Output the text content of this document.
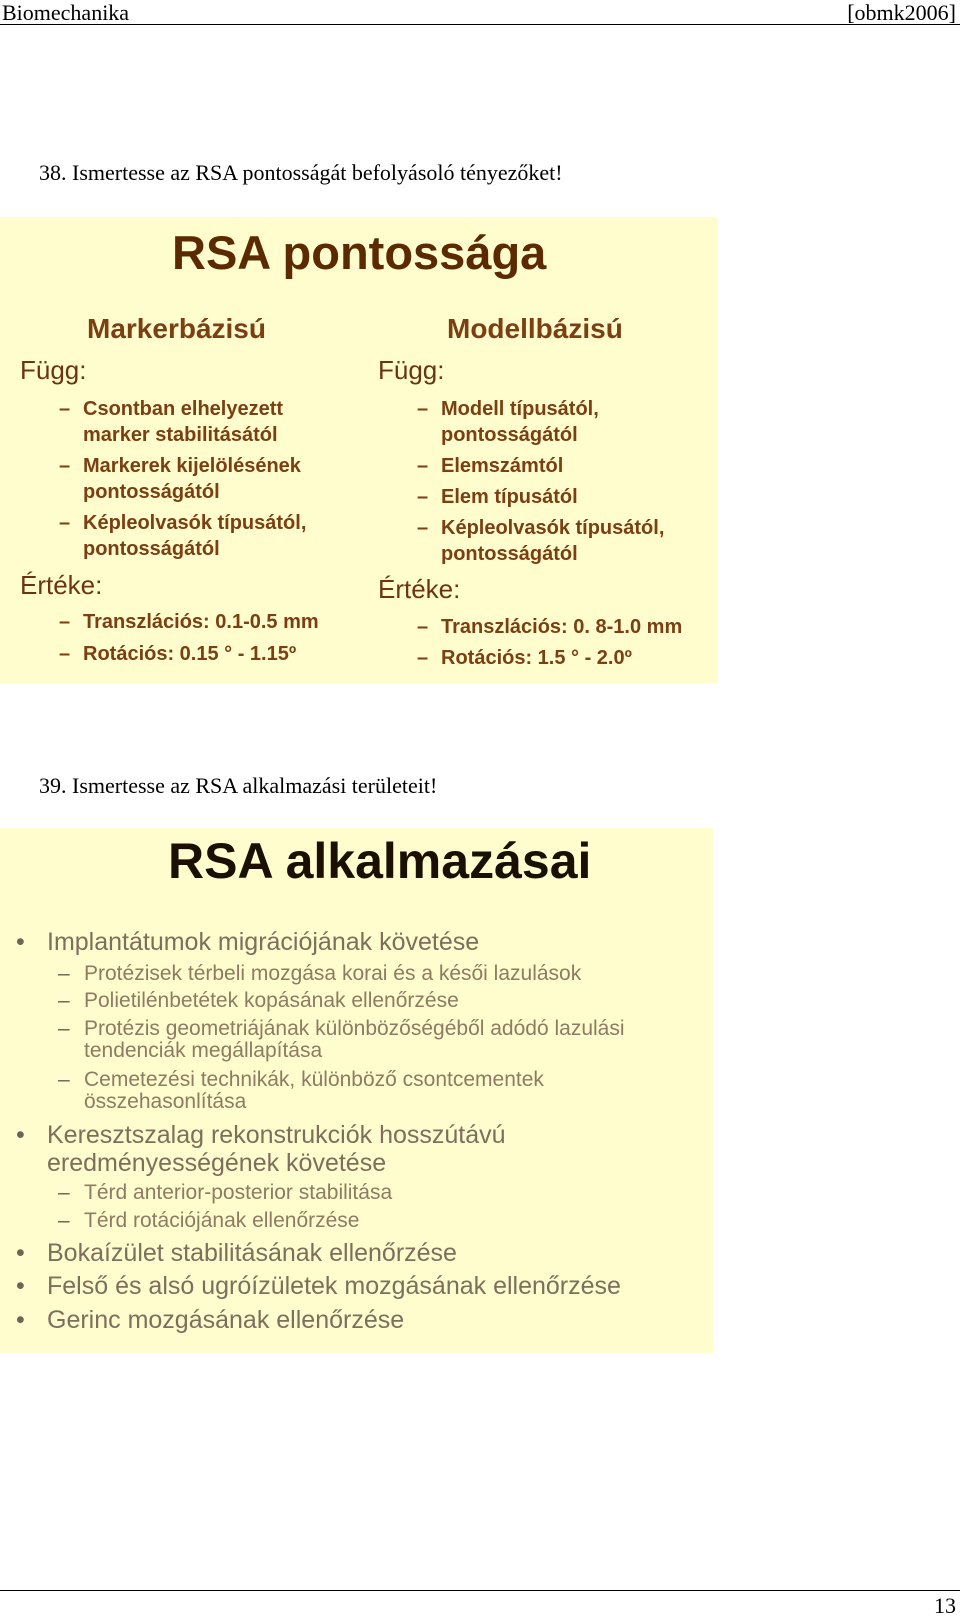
Biomechanika	[obmk2006]
38. Ismertesse az RSA pontosságát befolyásoló tényezőket!
RSA pontossága
Markerbázisú
Függ:
– Csontban elhelyezett
marker stabilitásától
– Markerek kijelölésének
pontosságától
– Képleolvasók típusától,
pontosságától
Értéke:
– Transzlációs: 0.1-0.5 mm
– Rotációs: 0.15 ° - 1.15º
Modellbázisú
Függ:
– Modell típusától,
pontosságától
– Elemszámtól
– Elem típusától
– Képleolvasók típusától,
pontosságától
Értéke:
– Transzlációs: 0. 8-1.0 mm
– Rotációs: 1.5 ° - 2.0º
39. Ismertesse az RSA alkalmazási területeit!
RSA alkalmazásai
• Implantátumok migrációjának követése
– Protézisek térbeli mozgása korai és a késői lazulások
– Polietilénbetétek kopásának ellenőrzése
– Protézis geometriájának különbözőségéből adódó lazulási
tendenciák megállapítása
– Cemetezési technikák, különböző csontcementek
összehasonlítása
• Keresztszalag rekonstrukciók hosszútávú
eredményességének követése
– Térd anterior-posterior stabilitása
– Térd rotációjának ellenőrzése
• Bokaízület stabilitásának ellenőrzése
• Felső és alsó ugróízületek mozgásának ellenőrzése
• Gerinc mozgásának ellenőrzése
13
